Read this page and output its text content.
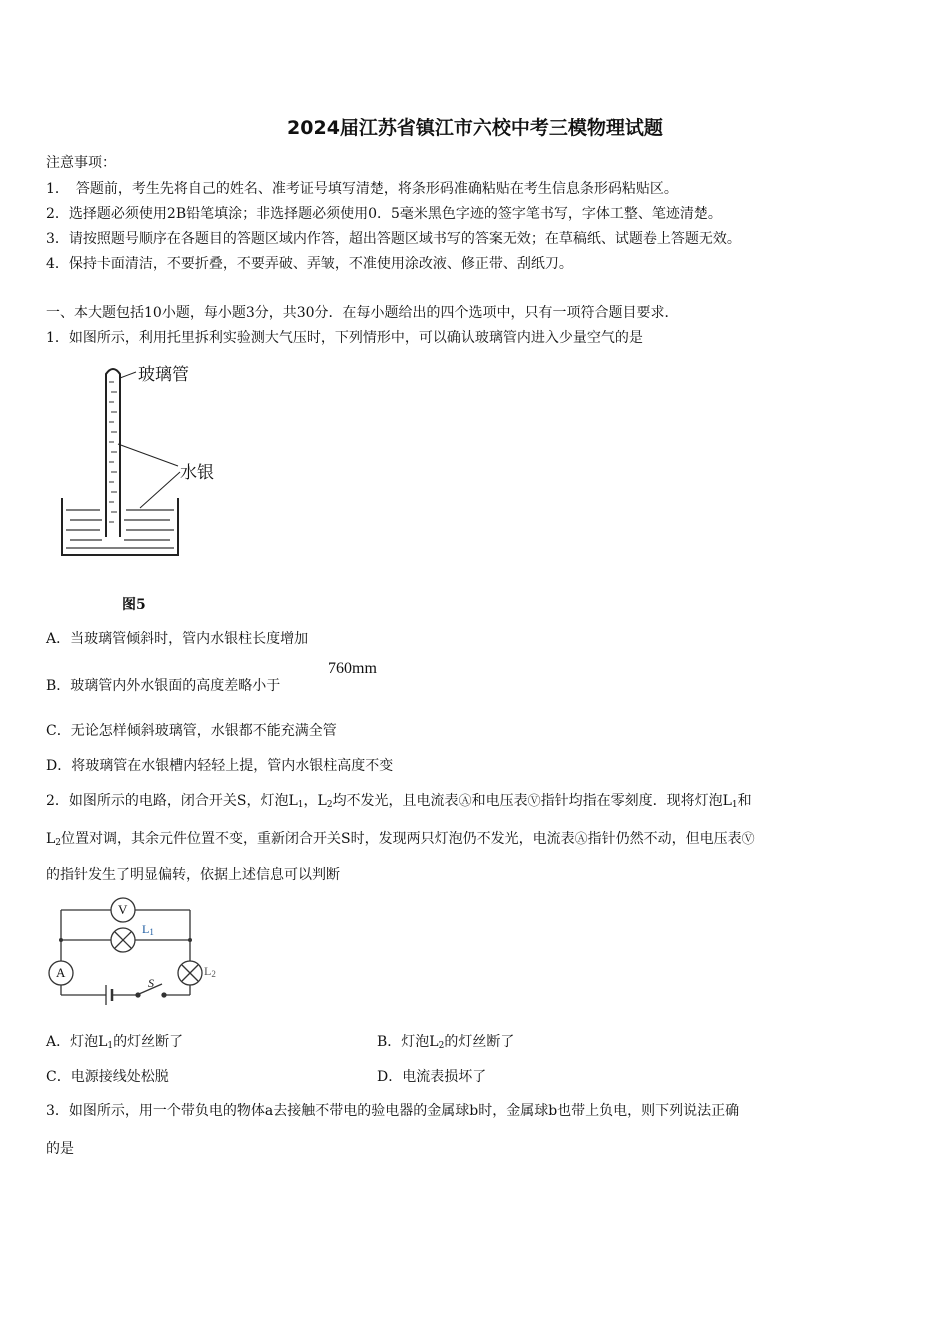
2024届江苏省镇江市六校中考三模物理试题
注意事项：
1．　答题前，考生先将自己的姓名、准考证号填写清楚，将条形码准确粘贴在考生信息条形码粘贴区。
2．选择题必须使用2B铅笔填涂；非选择题必须使用0．5毫米黑色字迹的签字笔书写，字体工整、笔迹清楚。
3．请按照题号顺序在各题目的答题区域内作答，超出答题区域书写的答案无效；在草稿纸、试题卷上答题无效。
4．保持卡面清洁，不要折叠，不要弄破、弄皱，不准使用涂改液、修正带、刮纸刀。
一、本大题包括10小题，每小题3分，共30分．在每小题给出的四个选项中，只有一项符合题目要求．
1．如图所示，利用托里拆利实验测大气压时，下列情形中，可以确认玻璃管内进入少量空气的是
玻璃管
水银
图5
A．当玻璃管倾斜时，管内水银柱长度增加
B．玻璃管内外水银面的高度差略小于
760mm
C．无论怎样倾斜玻璃管，水银都不能充满全管
D．将玻璃管在水银槽内轻轻上提，管内水银柱高度不变
2．如图所示的电路，闭合开关S，灯泡$L_1$，$L_2$均不发光，且电流表Ⓐ和电压表Ⓥ指针均指在零刻度．现将灯泡$L_1$和
$L_2$位置对调，其余元件位置不变，重新闭合开关S时，发现两只灯泡仍不发光，电流表Ⓐ指针仍然不动，但电压表Ⓥ
的指针发生了明显偏转，依据上述信息可以判断
V
A
$L_1$
$L_2$
S
A．灯泡$L_1$的灯丝断了	B．灯泡$L_2$的灯丝断了
C．电源接线处松脱	D．电流表损坏了
3．如图所示，用一个带负电的物体a去接触不带电的验电器的金属球b时，金属球b也带上负电，则下列说法正确
的是
